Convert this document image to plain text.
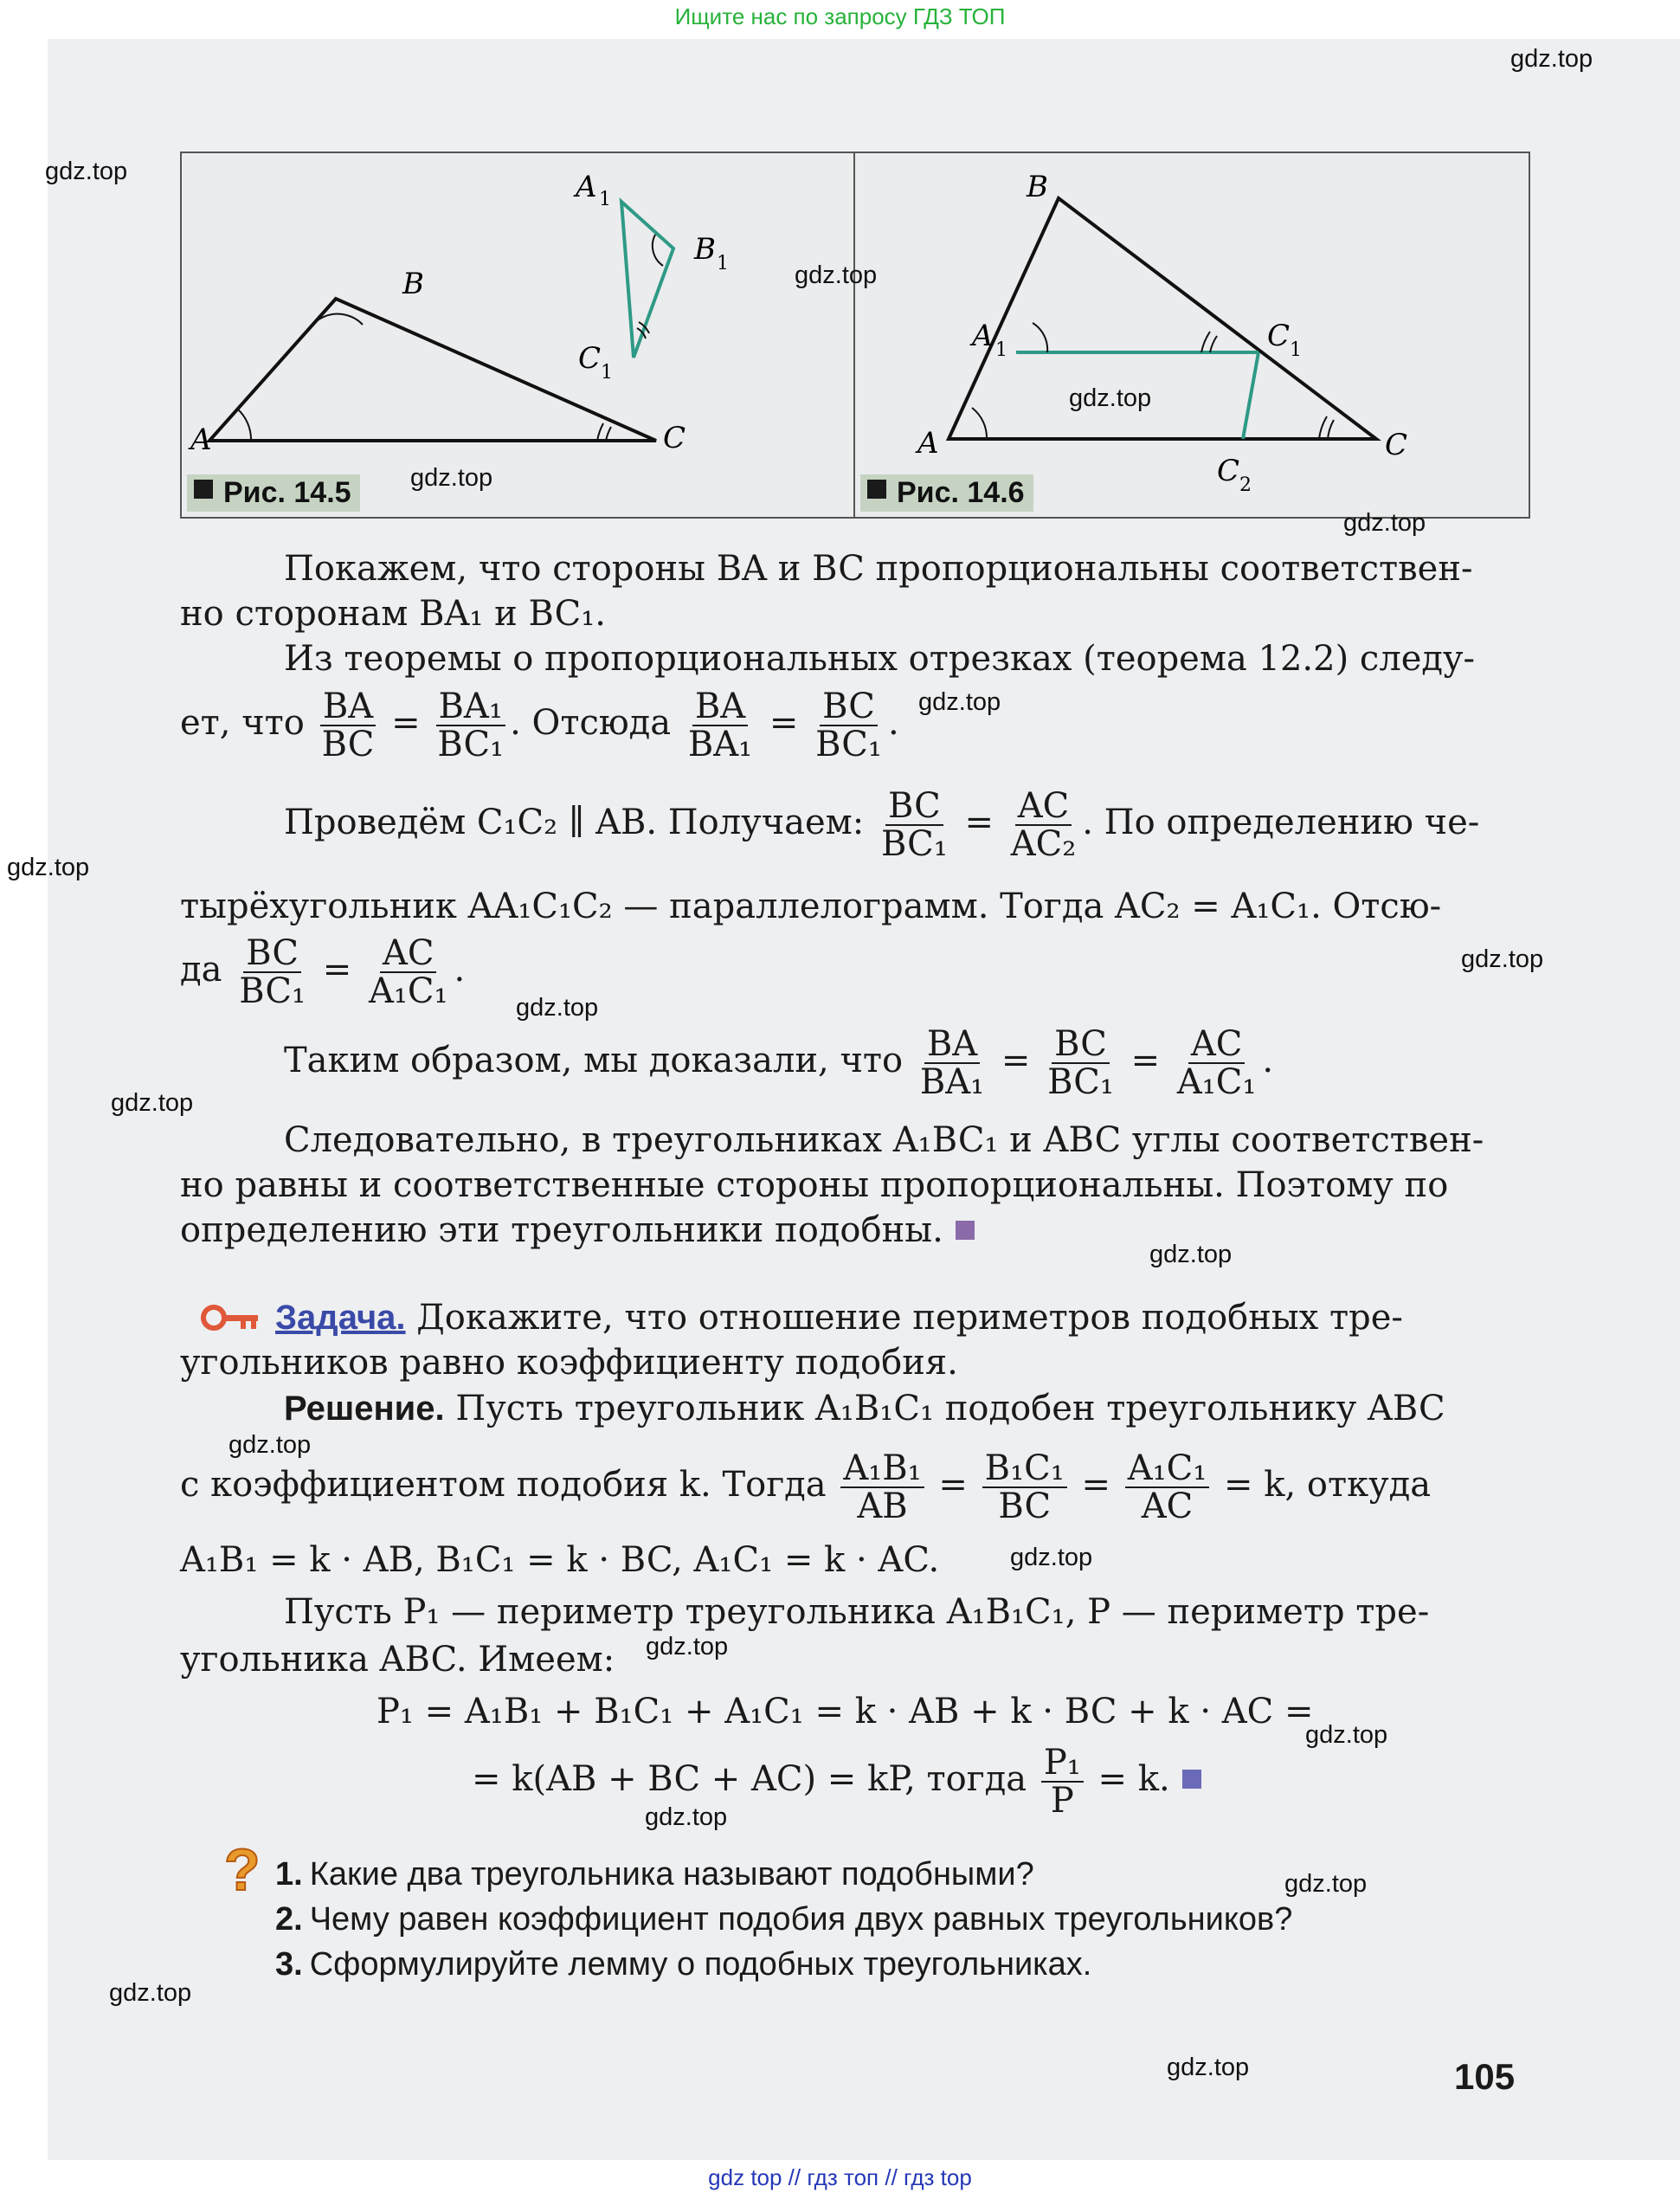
Ищите нас по запросу ГДЗ ТОП
A
B
C
A 1
B 1
C 1
Рис. 14.5
B
A 1	C 1
A	C
C 2
Рис. 14.6
Покажем, что стороны BA и BC пропорциональны соответствен-
но сторонам BA₁ и BC₁.
Из теоремы о пропорциональных отрезках (теорема 12.2) следу-
ет, что $\frac{BA}{BC} = \frac{\text{BA₁}}{\text{BC₁}}$ . Отсюда $\frac{BA}{\text{BA₁}} = \frac{BC}{\text{BC₁}}$ .
Проведём C₁C₂ ∥ AB. Получаем: $\frac{BC}{\text{BC₁}} = \frac{AC}{\text{AC₂}}$ . По определению че-
тырёхугольник AA₁C₁C₂ — параллелограмм. Тогда AC₂ = A₁C₁. Отсю-
да $\frac{BC}{\text{BC₁}} = \frac{AC}{\text{A₁C₁}}$ .
Таким образом, мы доказали, что $\frac{BA}{\text{BA₁}} = \frac{BC}{\text{BC₁}} = \frac{AC}{\text{A₁C₁}}$ .
Следовательно, в треугольниках A₁BC₁ и ABC углы соответствен-
но равны и соответственные стороны пропорциональны. Поэтому по
определению эти треугольники подобны.
Задача. Докажите, что отношение периметров подобных тре-
угольников равно коэффициенту подобия.
Решение. Пусть треугольник A₁B₁C₁ подобен треугольнику ABC
с коэффициентом подобия k. Тогда $\frac{\text{A₁B₁}}{AB} = \frac{\text{B₁C₁}}{BC} = \frac{\text{A₁C₁}}{AC} = k$, откуда
A₁B₁ = k · AB, B₁C₁ = k · BC, A₁C₁ = k · AC.
Пусть P₁ — периметр треугольника A₁B₁C₁, P — периметр тре-
угольника ABC. Имеем:
P₁ = A₁B₁ + B₁C₁ + A₁C₁ = k · AB + k · BC + k · AC =
= k(AB + BC + AC) = kP, тогда $\frac{\text{P₁}}{P} = k$.
? 1. Какие два треугольника называют подобными?
2. Чему равен коэффициент подобия двух равных треугольников?
3. Сформулируйте лемму о подобных треугольниках.
105
gdz.top
gdz.top
gdz.top
gdz.top
gdz.top
gdz.top
gdz.top
gdz.top
gdz.top
gdz.top
gdz.top
gdz.top
gdz.top
gdz.top
gdz.top
gdz.top
gdz.top
gdz.top
gdz.top
gdz.top
gdz top // гдз топ // гдз top
